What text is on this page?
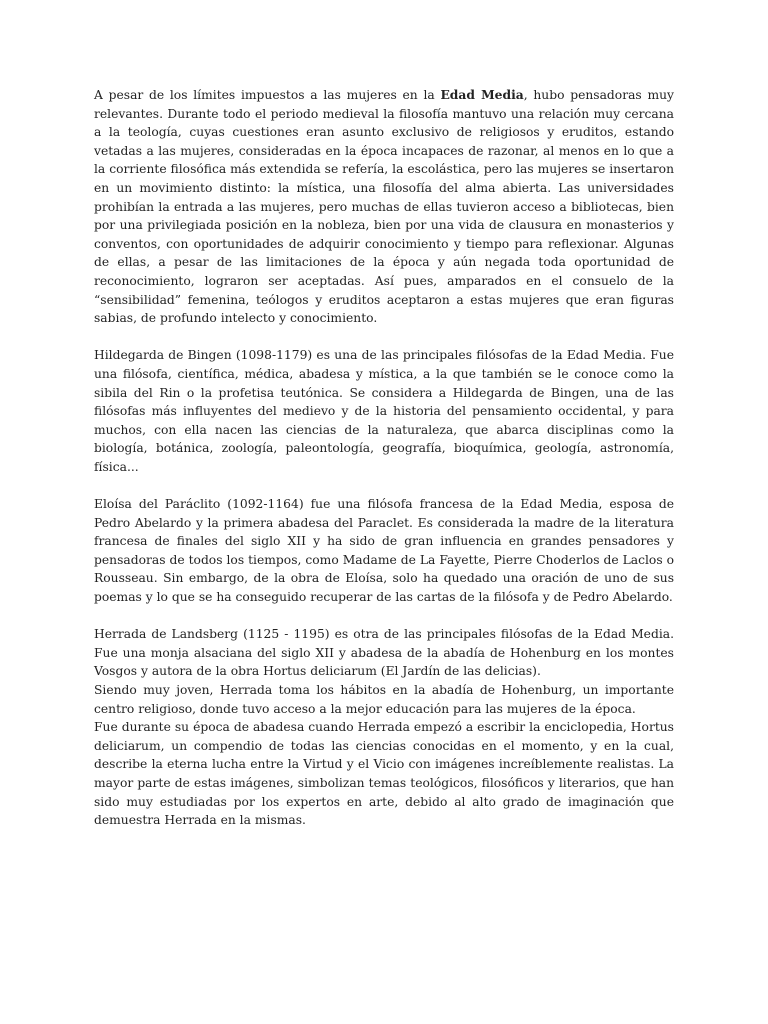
A pesar de los límites impuestos a las mujeres en la Edad Media, hubo pensadoras muy relevantes. Durante todo el periodo medieval la filosofía mantuvo una relación muy cercana a la teología, cuyas cuestiones eran asunto exclusivo de religiosos y eruditos, estando vetadas a las mujeres, consideradas en la época incapaces de razonar, al menos en lo que a la corriente filosófica más extendida se refería, la escolástica, pero las mujeres se insertaron en un movimiento distinto: la mística, una filosofía del alma abierta. Las universidades prohibían la entrada a las mujeres, pero muchas de ellas tuvieron acceso a bibliotecas, bien por una privilegiada posición en la nobleza, bien por una vida de clausura en monasterios y conventos, con oportunidades de adquirir conocimiento y tiempo para reflexionar. Algunas de ellas, a pesar de las limitaciones de la época y aún negada toda oportunidad de reconocimiento, lograron ser aceptadas. Así pues, amparados en el consuelo de la “sensibilidad” femenina, teólogos y eruditos aceptaron a estas mujeres que eran figuras sabias, de profundo intelecto y conocimiento.

Hildegarda de Bingen (1098-1179) es una de las principales filósofas de la Edad Media. Fue una filósofa, científica, médica, abadesa y mística, a la que también se le conoce como la sibila del Rin o la profetisa teutónica. Se considera a Hildegarda de Bingen, una de las filósofas más influyentes del medievo y de la historia del pensamiento occidental, y para muchos, con ella nacen las ciencias de la naturaleza, que abarca disciplinas como la biología, botánica, zoología, paleontología, geografía, bioquímica, geología, astronomía, física...

Eloísa del Paráclito (1092-1164) fue una filósofa francesa de la Edad Media, esposa de Pedro Abelardo y la primera abadesa del Paraclet. Es considerada la madre de la literatura francesa de finales del siglo XII y ha sido de gran influencia en grandes pensadores y pensadoras de todos los tiempos, como Madame de La Fayette, Pierre Choderlos de Laclos o Rousseau. Sin embargo, de la obra de Eloísa, solo ha quedado una oración de uno de sus poemas y lo que se ha conseguido recuperar de las cartas de la filósofa y de Pedro Abelardo.

Herrada de Landsberg (1125 - 1195) es otra de las principales filósofas de la Edad Media. Fue una monja alsaciana del siglo XII y abadesa de la abadía de Hohenburg en los montes Vosgos y autora de la obra Hortus deliciarum (El Jardín de las delicias).
Siendo muy joven, Herrada toma los hábitos en la abadía de Hohenburg, un importante centro religioso, donde tuvo acceso a la mejor educación para las mujeres de la época.
Fue durante su época de abadesa cuando Herrada empezó a escribir la enciclopedia, Hortus deliciarum, un compendio de todas las ciencias conocidas en el momento, y en la cual, describe la eterna lucha entre la Virtud y el Vicio con imágenes increíblemente realistas. La mayor parte de estas imágenes, simbolizan temas teológicos, filosóficos y literarios, que han sido muy estudiadas por los expertos en arte, debido al alto grado de imaginación que demuestra Herrada en la mismas.
